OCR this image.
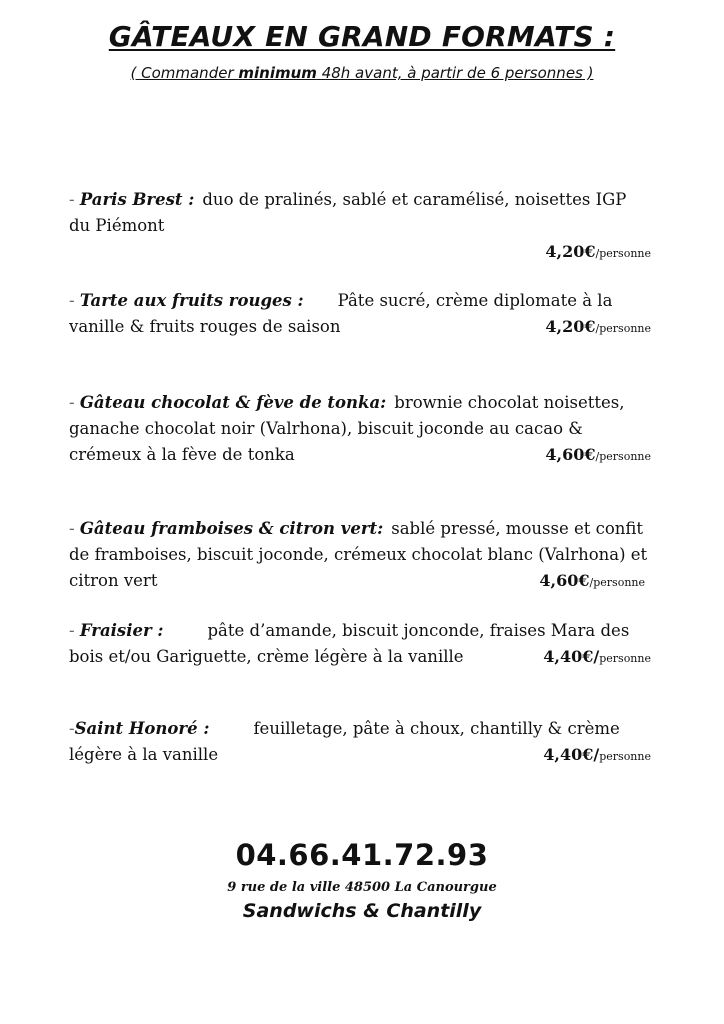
GÂTEAUX EN GRAND FORMATS :
( Commander minimum 48h avant, à partir de 6 personnes )
- Paris Brest : duo de pralinés, sablé et caramélisé, noisettes IGP du Piémont
4,20€/personne
- Tarte aux fruits rouges : Pâte sucré, crème diplomate à la vanille & fruits rouges de saison	4,20€/personne
- Gâteau chocolat & fève de tonka: brownie chocolat noisettes, ganache chocolat noir (Valrhona), biscuit joconde au cacao & crémeux à la fève de tonka	4,60€/personne
- Gâteau framboises & citron vert: sablé pressé, mousse et confit de framboises, biscuit joconde, crémeux chocolat blanc (Valrhona) et citron vert	4,60€/personne
- Fraisier :	pâte d’amande, biscuit jonconde, fraises Mara des bois et/ou Gariguette, crème légère à la vanille	4,40€/personne
-Saint Honoré :	feuilletage, pâte à choux, chantilly & crème légère à la vanille	4,40€/personne
04.66.41.72.93
9 rue de la ville 48500 La Canourgue
Sandwichs & Chantilly
